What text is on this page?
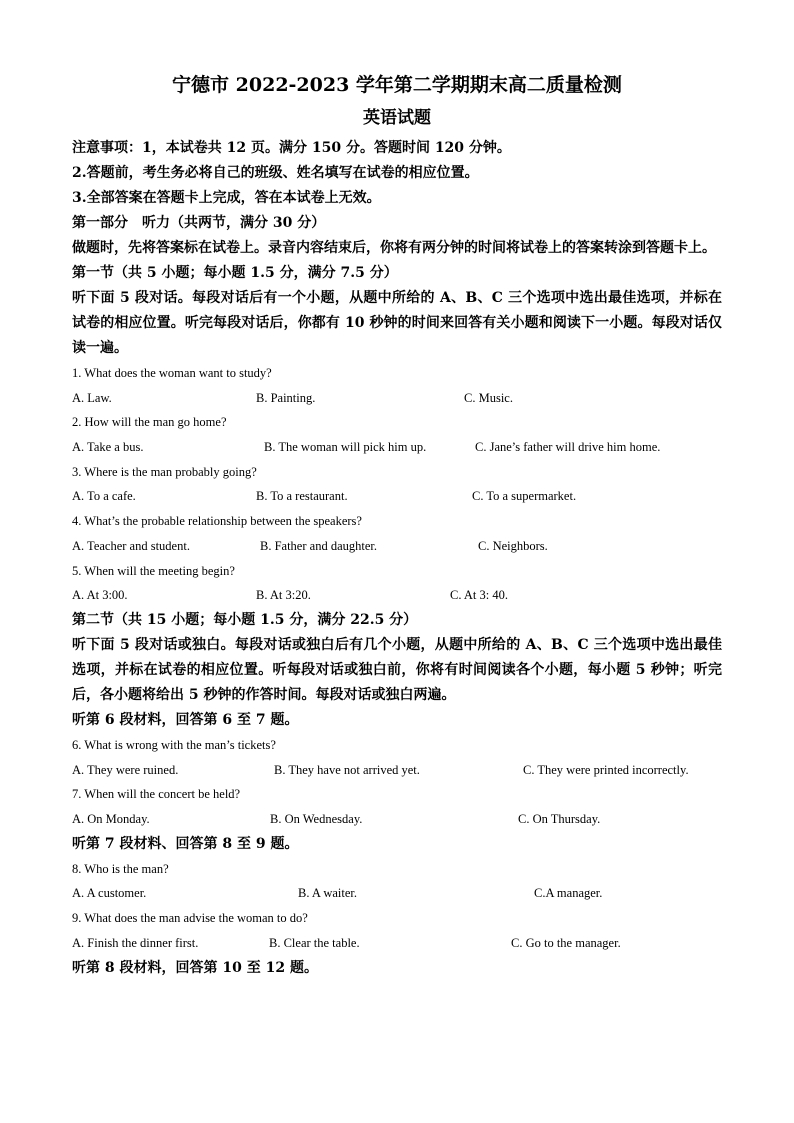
宁德市 2022-2023 学年第二学期期末高二质量检测

英语试题

注意事项：1，本试卷共 12 页。满分 150 分。答题时间 120 分钟。

2.答题前，考生务必将自己的班级、姓名填写在试卷的相应位置。

3.全部答案在答题卡上完成，答在本试卷上无效。

第一部分　听力（共两节，满分 30 分）

做题时，先将答案标在试卷上。录音内容结束后，你将有两分钟的时间将试卷上的答案转涂到答题卡上。

第一节（共 5 小题；每小题 1.5 分，满分 7.5 分）

听下面 5 段对话。每段对话后有一个小题，从题中所给的 A、B、C 三个选项中选出最佳选项，并标在试卷的相应位置。听完每段对话后，你都有 10 秒钟的时间来回答有关小题和阅读下一小题。每段对话仅读一遍。

1. What does the woman want to study?

A. Law.	B. Painting.	C. Music.

2. How will the man go home?

A. Take a bus.	B. The woman will pick him up.	C. Jane’s father will drive him home.

3. Where is the man probably going?

A. To a cafe.	B. To a restaurant.	C. To a supermarket.

4. What’s the probable relationship between the speakers?

A. Teacher and student.	B. Father and daughter.	C. Neighbors.

5. When will the meeting begin?

A. At 3:00.	B. At 3:20.	C. At 3: 40.

第二节（共 15 小题；每小题 1.5 分，满分 22.5 分）

听下面 5 段对话或独白。每段对话或独白后有几个小题，从题中所给的 A、B、C 三个选项中选出最佳选项，并标在试卷的相应位置。听每段对话或独白前，你将有时间阅读各个小题，每小题 5 秒钟；听完后，各小题将给出 5 秒钟的作答时间。每段对话或独白两遍。

听第 6 段材料，回答第 6 至 7 题。

6. What is wrong with the man’s tickets?

A. They were ruined.	B. They have not arrived yet.	C. They were printed incorrectly.

7. When will the concert be held?

A. On Monday.	B. On Wednesday.	C. On Thursday.

听第 7 段材料、回答第 8 至 9 题。

8. Who is the man?

A. A customer.	B. A waiter.	C.A manager.

9. What does the man advise the woman to do?

A. Finish the dinner first.	B. Clear the table.	C. Go to the manager.

听第 8 段材料，回答第 10 至 12 题。
